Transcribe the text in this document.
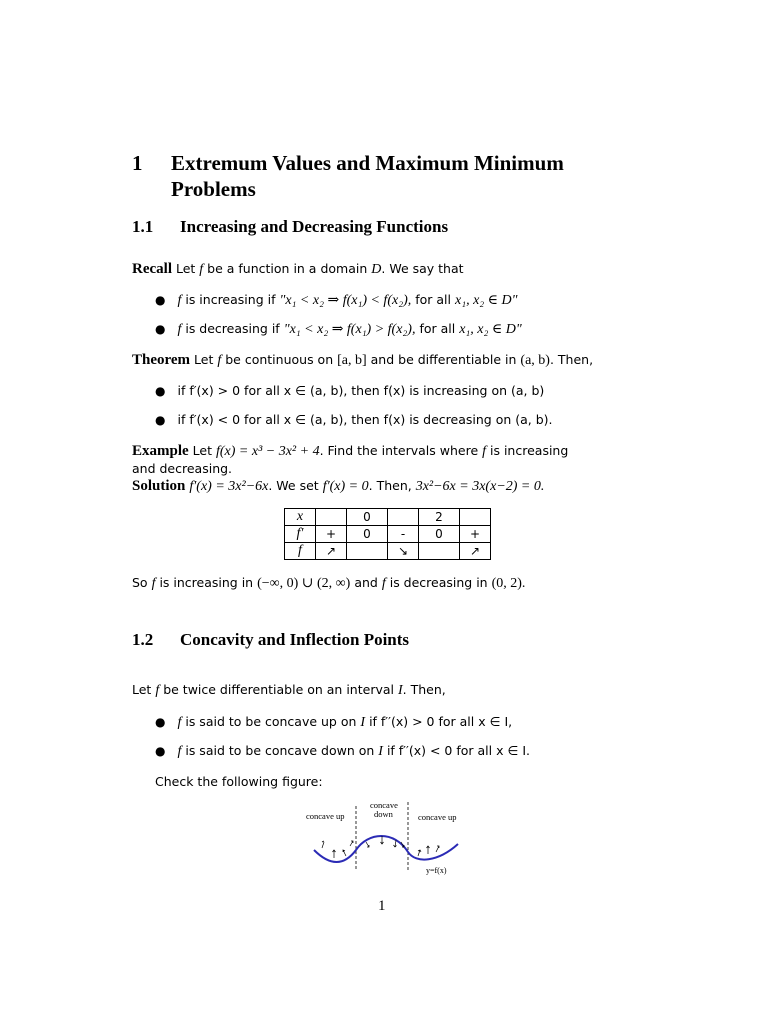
1 Extremum Values and Maximum Minimum
Problems
1.1 Increasing and Decreasing Functions
Recall Let f be a function in a domain D. We say that
● f is increasing if "x₁ < x₂ ⇒ f(x₁) < f(x₂), for all x₁, x₂ ∈ D"
● f is decreasing if "x₁ < x₂ ⇒ f(x₁) > f(x₂), for all x₁, x₂ ∈ D"
Theorem Let f be continuous on [a, b] and be differentiable in (a, b). Then,
● if f′(x) > 0 for all x ∈ (a, b), then f(x) is increasing on (a, b)
● if f′(x) < 0 for all x ∈ (a, b), then f(x) is decreasing on (a, b).
Example Let f(x) = x³ − 3x² + 4. Find the intervals where f is increasing
and decreasing.
Solution f′(x) = 3x²−6x. We set f′(x) = 0. Then, 3x²−6x = 3x(x−2) = 0.
x		0		2	
f′	+	0	-	0	+
f	↗		↘		↗
So f is increasing in (−∞, 0) ∪ (2, ∞) and f is decreasing in (0, 2).
1.2 Concavity and Inflection Points
Let f be twice differentiable on an interval I. Then,
● f is said to be concave up on I if f′′(x) > 0 for all x ∈ I,
● f is said to be concave down on I if f′′(x) < 0 for all x ∈ I.
Check the following figure:
concave up
concave
down	concave up
y=f(x)
1
